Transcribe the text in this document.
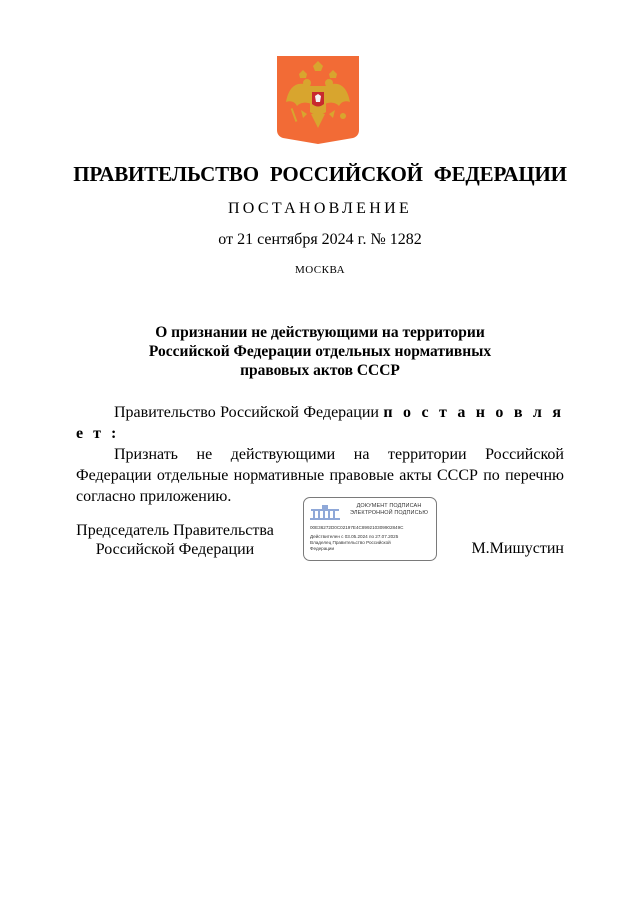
ПРАВИТЕЛЬСТВО РОССИЙСКОЙ ФЕДЕРАЦИИ
ПОСТАНОВЛЕНИЕ
от 21 сентября 2024 г. № 1282
МОСКВА
О признании не действующими на территории
Российской Федерации отдельных нормативных
правовых актов СССР

Правительство Российской Федерации п о с т а н о в л я е т :

Признать не действующими на территории Российской Федерации отдельные нормативные правовые акты СССР по перечню согласно приложению.

Председатель Правительства
Российской Федерации
ДОКУМЕНТ ПОДПИСАН
ЭЛЕКТРОННОЙ ПОДПИСЬЮ
00E36272D0C02197E4C899210309902849C
Действителен с 03.05.2024 по 27.07.2025
Владелец Правительство Российской
Федерации	М.Мишустин
